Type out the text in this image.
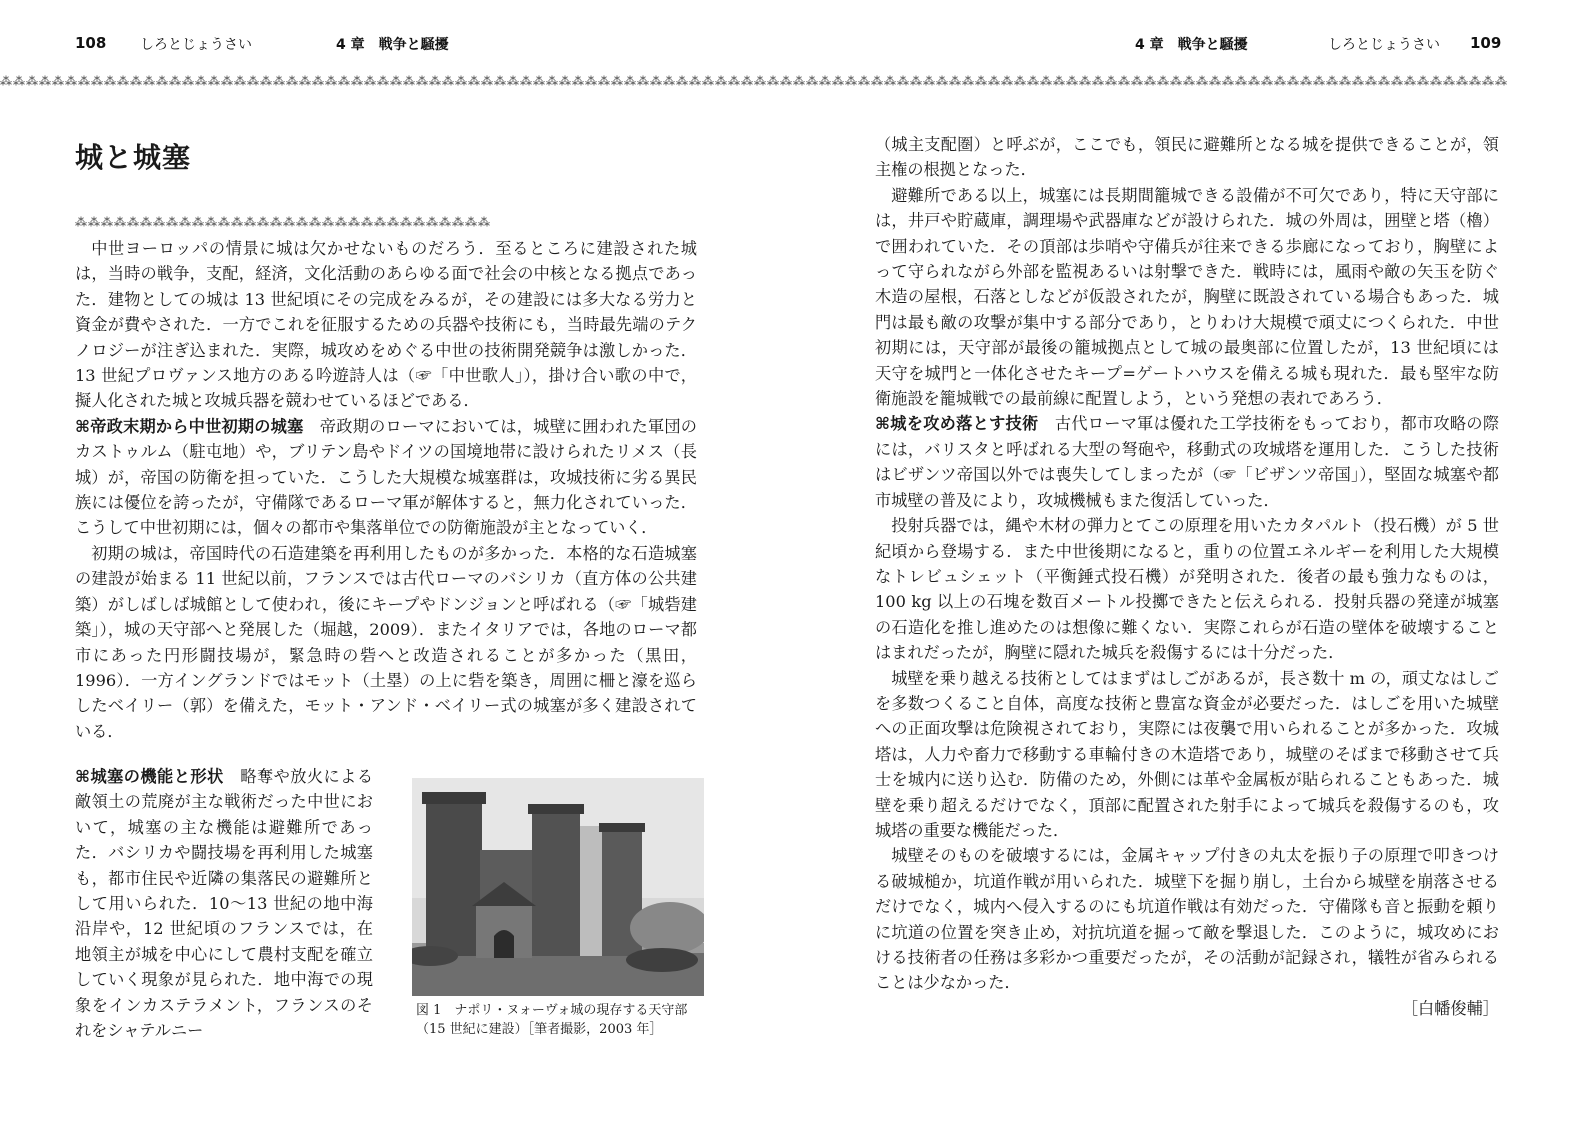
108 しろとじょうさい	4 章　戦争と騒擾	4 章　戦争と騒擾	しろとじょうさい 109
⁂⁂⁂⁂⁂⁂⁂⁂⁂⁂⁂⁂⁂⁂⁂⁂⁂⁂⁂⁂⁂⁂⁂⁂⁂⁂⁂⁂⁂⁂⁂⁂⁂⁂⁂⁂⁂⁂⁂⁂⁂⁂⁂⁂⁂⁂⁂⁂⁂⁂⁂⁂⁂⁂⁂⁂⁂⁂⁂⁂⁂⁂⁂⁂⁂⁂⁂⁂⁂⁂⁂⁂⁂⁂⁂⁂⁂⁂⁂⁂⁂⁂⁂⁂⁂⁂⁂⁂⁂⁂⁂⁂⁂⁂⁂⁂⁂⁂⁂⁂⁂⁂⁂⁂⁂⁂⁂⁂⁂⁂⁂⁂⁂⁂⁂⁂
城と城塞
⁂⁂⁂⁂⁂⁂⁂⁂⁂⁂⁂⁂⁂⁂⁂⁂⁂⁂⁂⁂⁂⁂⁂⁂⁂⁂⁂⁂⁂⁂⁂⁂

中世ヨーロッパの情景に城は欠かせないものだろう．至るところに建設された城は，当時の戦争，支配，経済，文化活動のあらゆる面で社会の中核となる拠点であった．建物としての城は 13 世紀頃にその完成をみるが，その建設には多大なる労力と資金が費やされた．一方でこれを征服するための兵器や技術にも，当時最先端のテクノロジーが注ぎ込まれた．実際，城攻めをめぐる中世の技術開発競争は激しかった．13 世紀プロヴァンス地方のある吟遊詩人は（☞「中世歌人」），掛け合い歌の中で，擬人化された城と攻城兵器を競わせているほどである．

⌘帝政末期から中世初期の城塞　 帝政期のローマにおいては，城壁に囲われた軍団のカストゥルム（駐屯地）や，ブリテン島やドイツの国境地帯に設けられたリメス（長城）が，帝国の防衛を担っていた．こうした大規模な城塞群は，攻城技術に劣る異民族には優位を誇ったが，守備隊であるローマ軍が解体すると，無力化されていった．こうして中世初期には，個々の都市や集落単位での防衛施設が主となっていく．

初期の城は，帝国時代の石造建築を再利用したものが多かった．本格的な石造城塞の建設が始まる 11 世紀以前，フランスでは古代ローマのバシリカ（直方体の公共建築）がしばしば城館として使われ，後にキープやドンジョンと呼ばれる（☞「城砦建築」），城の天守部へと発展した（堀越，2009）．またイタリアでは，各地のローマ都市にあった円形闘技場が，緊急時の砦へと改造されることが多かった（黒田，1996）．一方イングランドではモット（土塁）の上に砦を築き，周囲に柵と濠を巡らしたベイリー（郭）を備えた，モット・アンド・ベイリー式の城塞が多く建設されている．

⌘城塞の機能と形状　 略奪や放火による敵領土の荒廃が主な戦術だった中世において，城塞の主な機能は避難所であった．バシリカや闘技場を再利用した城塞も，都市住民や近隣の集落民の避難所として用いられた．10～13 世紀の地中海沿岸や，12 世紀頃のフランスでは，在地領主が城を中心にして農村支配を確立していく現象が見られた．地中海での現象をインカステラメント，フランスのそれをシャテルニー

図 1　ナポリ・ヌォーヴォ城の現存する天守部（15 世紀に建設）［筆者撮影，2003 年］

（城主支配圏）と呼ぶが，ここでも，領民に避難所となる城を提供できることが，領主権の根拠となった．

避難所である以上，城塞には長期間籠城できる設備が不可欠であり，特に天守部には，井戸や貯蔵庫，調理場や武器庫などが設けられた．城の外周は，囲壁と塔（櫓）で囲われていた．その頂部は歩哨や守備兵が往来できる歩廊になっており，胸壁によって守られながら外部を監視あるいは射撃できた．戦時には，風雨や敵の矢玉を防ぐ木造の屋根，石落としなどが仮設されたが，胸壁に既設されている場合もあった．城門は最も敵の攻撃が集中する部分であり，とりわけ大規模で頑丈につくられた．中世初期には，天守部が最後の籠城拠点として城の最奥部に位置したが，13 世紀頃には天守を城門と一体化させたキープ=ゲートハウスを備える城も現れた．最も堅牢な防衛施設を籠城戦での最前線に配置しよう，という発想の表れであろう．

⌘城を攻め落とす技術　 古代ローマ軍は優れた工学技術をもっており，都市攻略の際には，バリスタと呼ばれる大型の弩砲や，移動式の攻城塔を運用した．こうした技術はビザンツ帝国以外では喪失してしまったが（☞「ビザンツ帝国」），堅固な城塞や都市城壁の普及により，攻城機械もまた復活していった．

投射兵器では，縄や木材の弾力とてこの原理を用いたカタパルト（投石機）が 5 世紀頃から登場する．また中世後期になると，重りの位置エネルギーを利用した大規模なトレビュシェット（平衡錘式投石機）が発明された．後者の最も強力なものは，100 kg 以上の石塊を数百メートル投擲できたと伝えられる．投射兵器の発達が城塞の石造化を推し進めたのは想像に難くない．実際これらが石造の壁体を破壊することはまれだったが，胸壁に隠れた城兵を殺傷するには十分だった．

城壁を乗り越える技術としてはまずはしごがあるが，長さ数十 m の，頑丈なはしごを多数つくること自体，高度な技術と豊富な資金が必要だった．はしごを用いた城壁への正面攻撃は危険視されており，実際には夜襲で用いられることが多かった．攻城塔は，人力や畜力で移動する車輪付きの木造塔であり，城壁のそばまで移動させて兵士を城内に送り込む．防備のため，外側には革や金属板が貼られることもあった．城壁を乗り超えるだけでなく，頂部に配置された射手によって城兵を殺傷するのも，攻城塔の重要な機能だった．

城壁そのものを破壊するには，金属キャップ付きの丸太を振り子の原理で叩きつける破城槌か，坑道作戦が用いられた．城壁下を掘り崩し，土台から城壁を崩落させるだけでなく，城内へ侵入するのにも坑道作戦は有効だった．守備隊も音と振動を頼りに坑道の位置を突き止め，対抗坑道を掘って敵を撃退した．このように，城攻めにおける技術者の任務は多彩かつ重要だったが，その活動が記録され，犠牲が省みられることは少なかった．

［白幡俊輔］
